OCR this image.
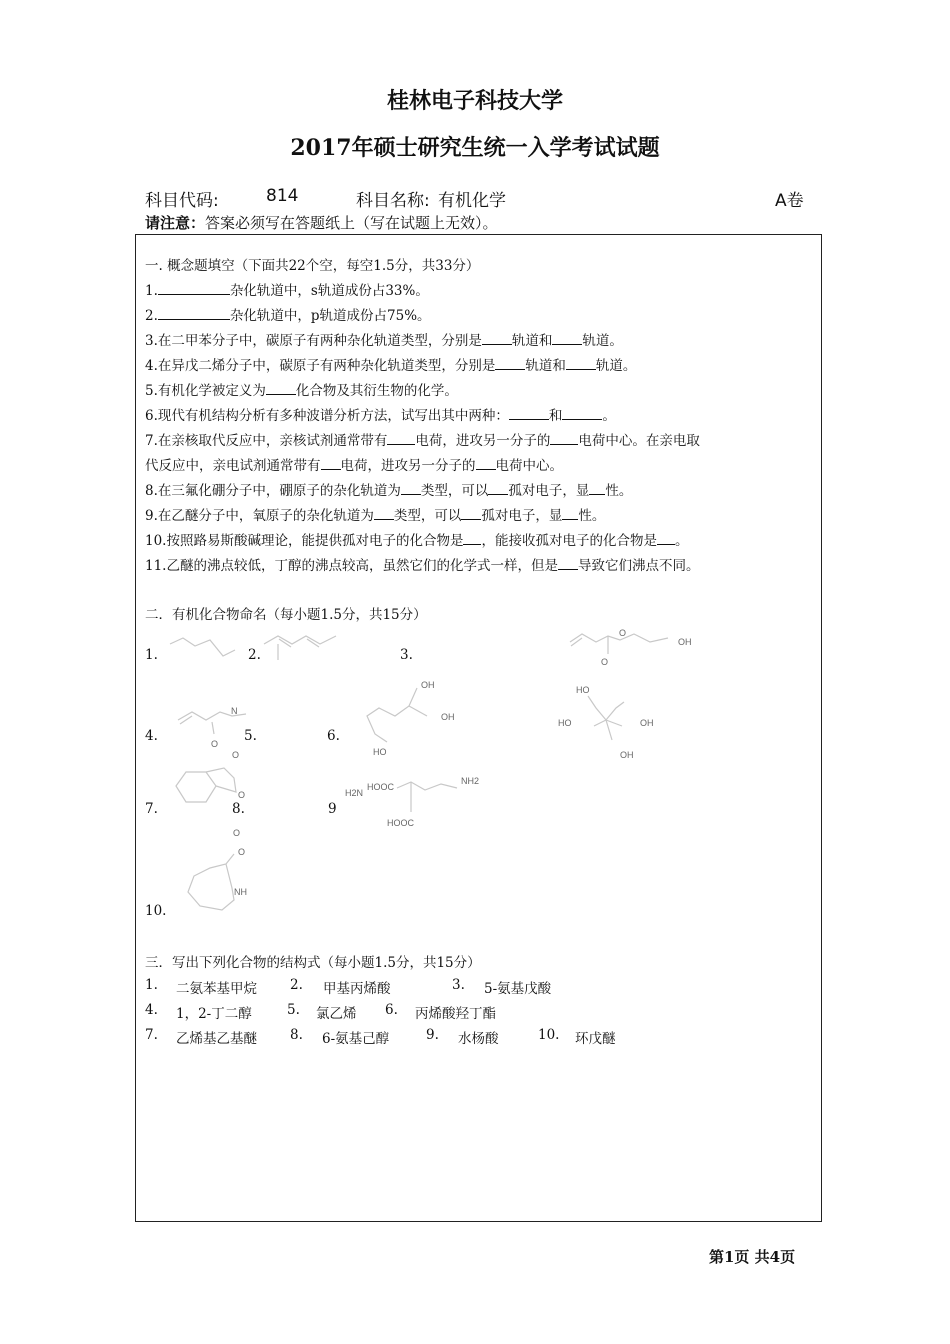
桂林电子科技大学
2017年硕士研究生统一入学考试试题
科目代码:	814	科目名称: 有机化学	A卷
请注意：答案必须写在答题纸上（写在试题上无效）。
一. 概念题填空（下面共22个空，每空1.5分，共33分）
1.	杂化轨道中，s轨道成份占33%。
2.	杂化轨道中，p轨道成份占75%。
3.在二甲苯分子中，碳原子有两种杂化轨道类型，分别是 轨道和 轨道。
4.在异戊二烯分子中，碳原子有两种杂化轨道类型，分别是 轨道和 轨道。
5.有机化学被定义为 化合物及其衍生物的化学。
6.现代有机结构分析有多种波谱分析方法，试写出其中两种：	和	。
7.在亲核取代反应中，亲核试剂通常带有 电荷，进攻另一分子的 电荷中心。在亲电取
代反应中，亲电试剂通常带有 电荷，进攻另一分子的 电荷中心。
8.在三氟化硼分子中，硼原子的杂化轨道为 类型，可以 孤对电子，显 性。
9.在乙醚分子中，氧原子的杂化轨道为 类型，可以 孤对电子，显 性。
10.按照路易斯酸碱理论，能提供孤对电子的化合物是 ，能接收孤对电子的化合物是 。
11.乙醚的沸点较低，丁醇的沸点较高，虽然它们的化学式一样，但是 导致它们沸点不同。
二．有机化合物命名（每小题1.5分，共15分）
1.	2.	3.
4.	5.	6.
7.	8.	9
10.
O
OH
O
N
O
OH
OH
HO
HO
HO	OH
OH
O
O
O
H2N
HOOC
NH2
HOOC
O
NH
三．写出下列化合物的结构式（每小题1.5分，共15分）
1. 二氨苯基甲烷 2. 甲基丙烯酸	3. 5-氨基戊酸
4. 1，2-丁二醇	5. 氯乙烯 6. 丙烯酸羟丁酯
7. 乙烯基乙基醚 8. 6-氨基己醇	9. 水杨酸	10. 环戊醚
第1页 共4页
